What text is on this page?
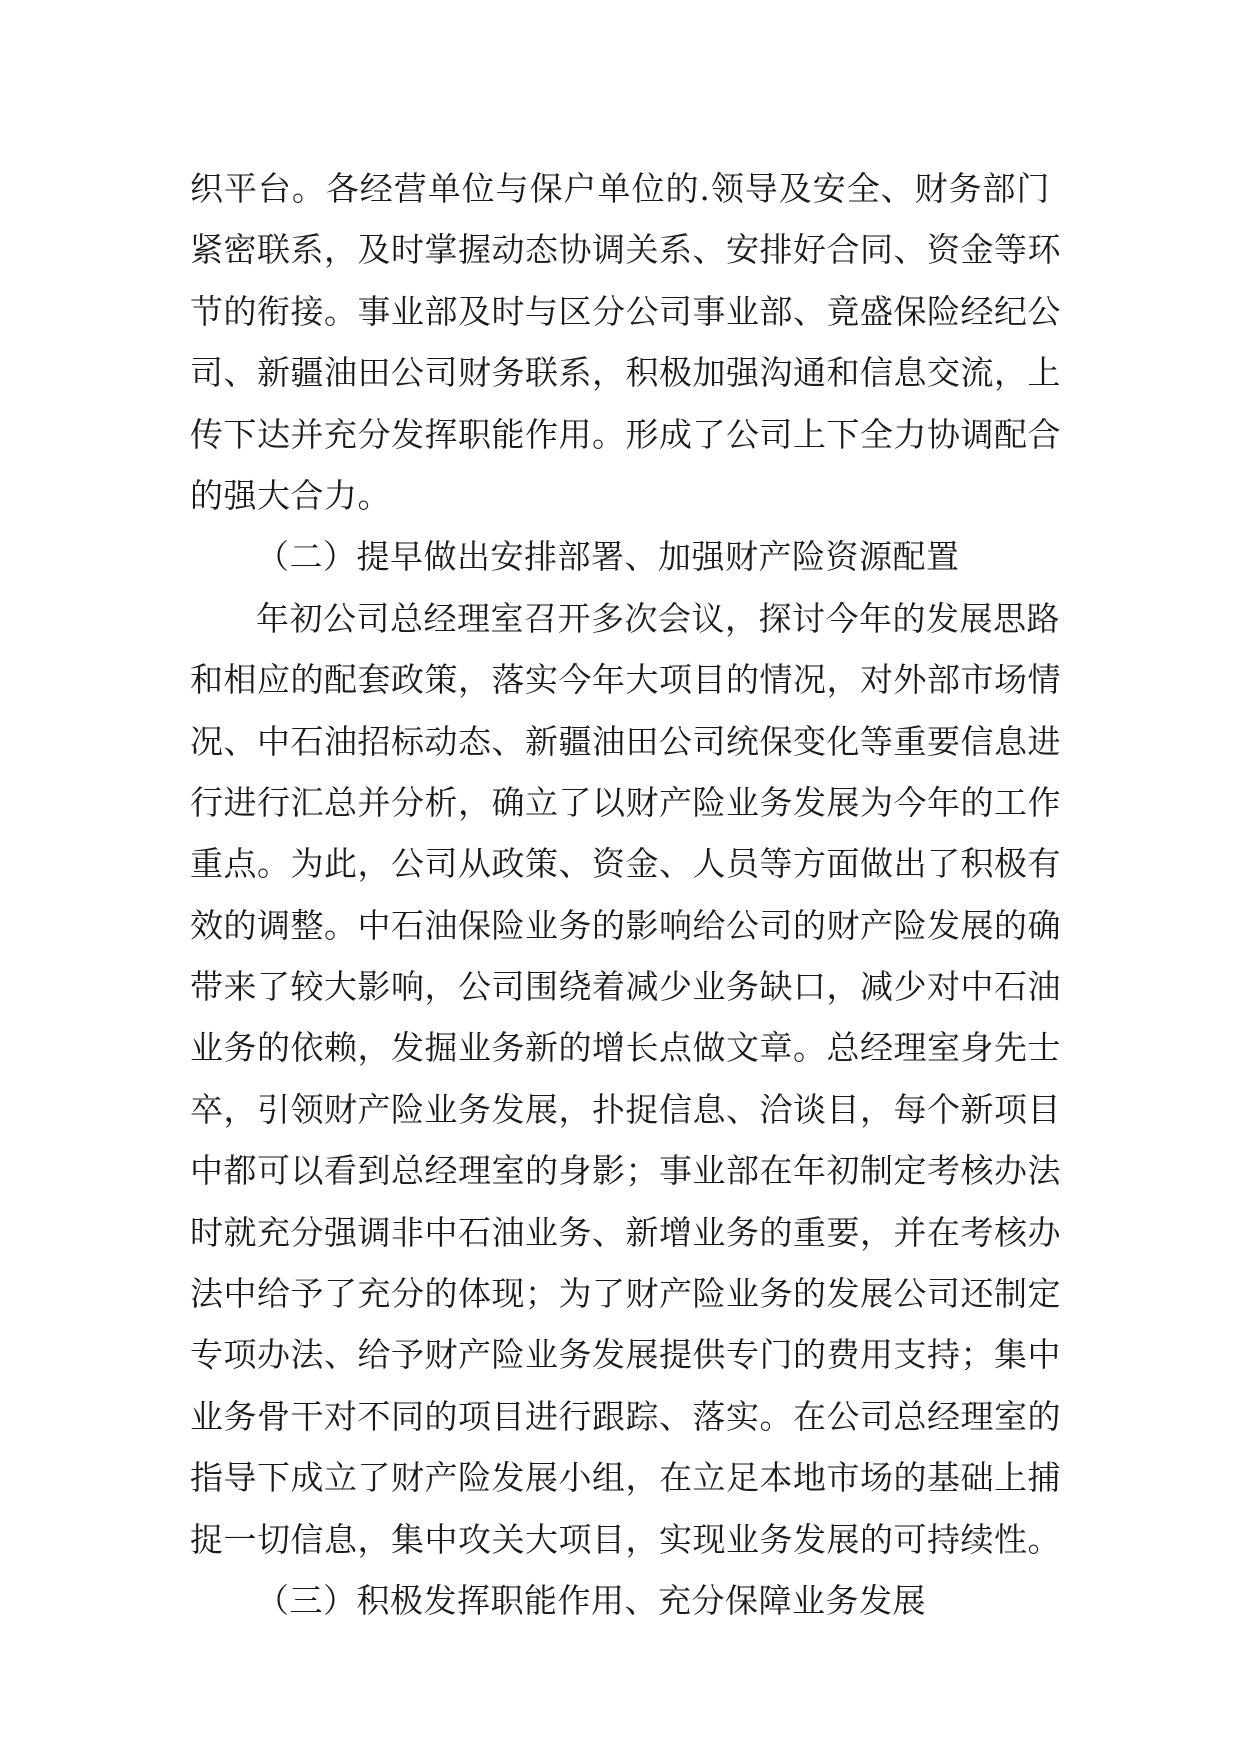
织平台。各经营单位与保户单位的.领导及安全、财务部门
紧密联系，及时掌握动态协调关系、安排好合同、资金等环
节的衔接。事业部及时与区分公司事业部、竟盛保险经纪公
司、新疆油田公司财务联系，积极加强沟通和信息交流，上
传下达并充分发挥职能作用。形成了公司上下全力协调配合
的强大合力。
（二）提早做出安排部署、加强财产险资源配置
年初公司总经理室召开多次会议，探讨今年的发展思路
和相应的配套政策，落实今年大项目的情况，对外部市场情
况、中石油招标动态、新疆油田公司统保变化等重要信息进
行进行汇总并分析，确立了以财产险业务发展为今年的工作
重点。为此，公司从政策、资金、人员等方面做出了积极有
效的调整。中石油保险业务的影响给公司的财产险发展的确
带来了较大影响，公司围绕着减少业务缺口，减少对中石油
业务的依赖，发掘业务新的增长点做文章。总经理室身先士
卒，引领财产险业务发展，扑捉信息、洽谈目，每个新项目
中都可以看到总经理室的身影；事业部在年初制定考核办法
时就充分强调非中石油业务、新增业务的重要，并在考核办
法中给予了充分的体现；为了财产险业务的发展公司还制定
专项办法、给予财产险业务发展提供专门的费用支持；集中
业务骨干对不同的项目进行跟踪、落实。在公司总经理室的
指导下成立了财产险发展小组，在立足本地市场的基础上捕
捉一切信息，集中攻关大项目，实现业务发展的可持续性。
（三）积极发挥职能作用、充分保障业务发展
